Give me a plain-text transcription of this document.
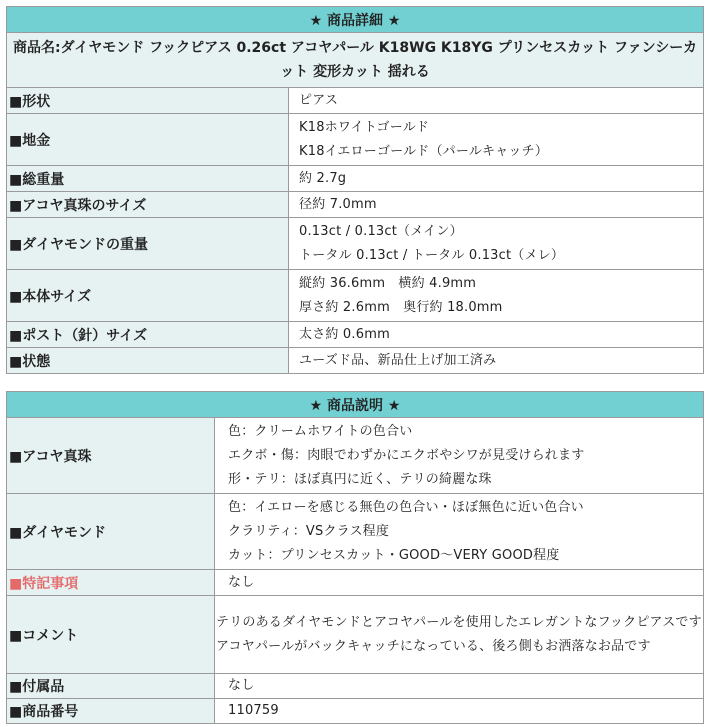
★ 商品詳細 ★	
商品名:ダイヤモンド フックピアス 0.26ct アコヤパール K18WG K18YG プリンセスカット ファンシーカット 変形カット 揺れる	
■形状	ピアス

■地金	K18ホワイトゴールド
K18イエローゴールド（パールキャッチ）

■総重量	約 2.7g

■アコヤ真珠のサイズ	径約 7.0mm

■ダイヤモンドの重量	0.13ct / 0.13ct（メイン）
トータル 0.13ct / トータル 0.13ct（メレ）

■本体サイズ	縦約 36.6mm　横約 4.9mm
厚さ約 2.6mm　奥行約 18.0mm

■ポスト（針）サイズ	太さ約 0.6mm

■状態	ユーズド品、新品仕上げ加工済み
★ 商品説明 ★	
■アコヤ真珠	色：クリームホワイトの色合い
エクボ・傷：肉眼でわずかにエクボやシワが見受けられます
形・テリ：ほぼ真円に近く、テリの綺麗な珠

■ダイヤモンド	色：イエローを感じる無色の色合い・ほぼ無色に近い色合い
クラリティ：VSクラス程度
カット：プリンセスカット・GOOD～VERY GOOD程度

■特記事項	なし

■コメント	テリのあるダイヤモンドとアコヤパールを使用したエレガントなフックピアスです
アコヤパールがバックキャッチになっている、後ろ側もお洒落なお品です

■付属品	なし

■商品番号	110759
